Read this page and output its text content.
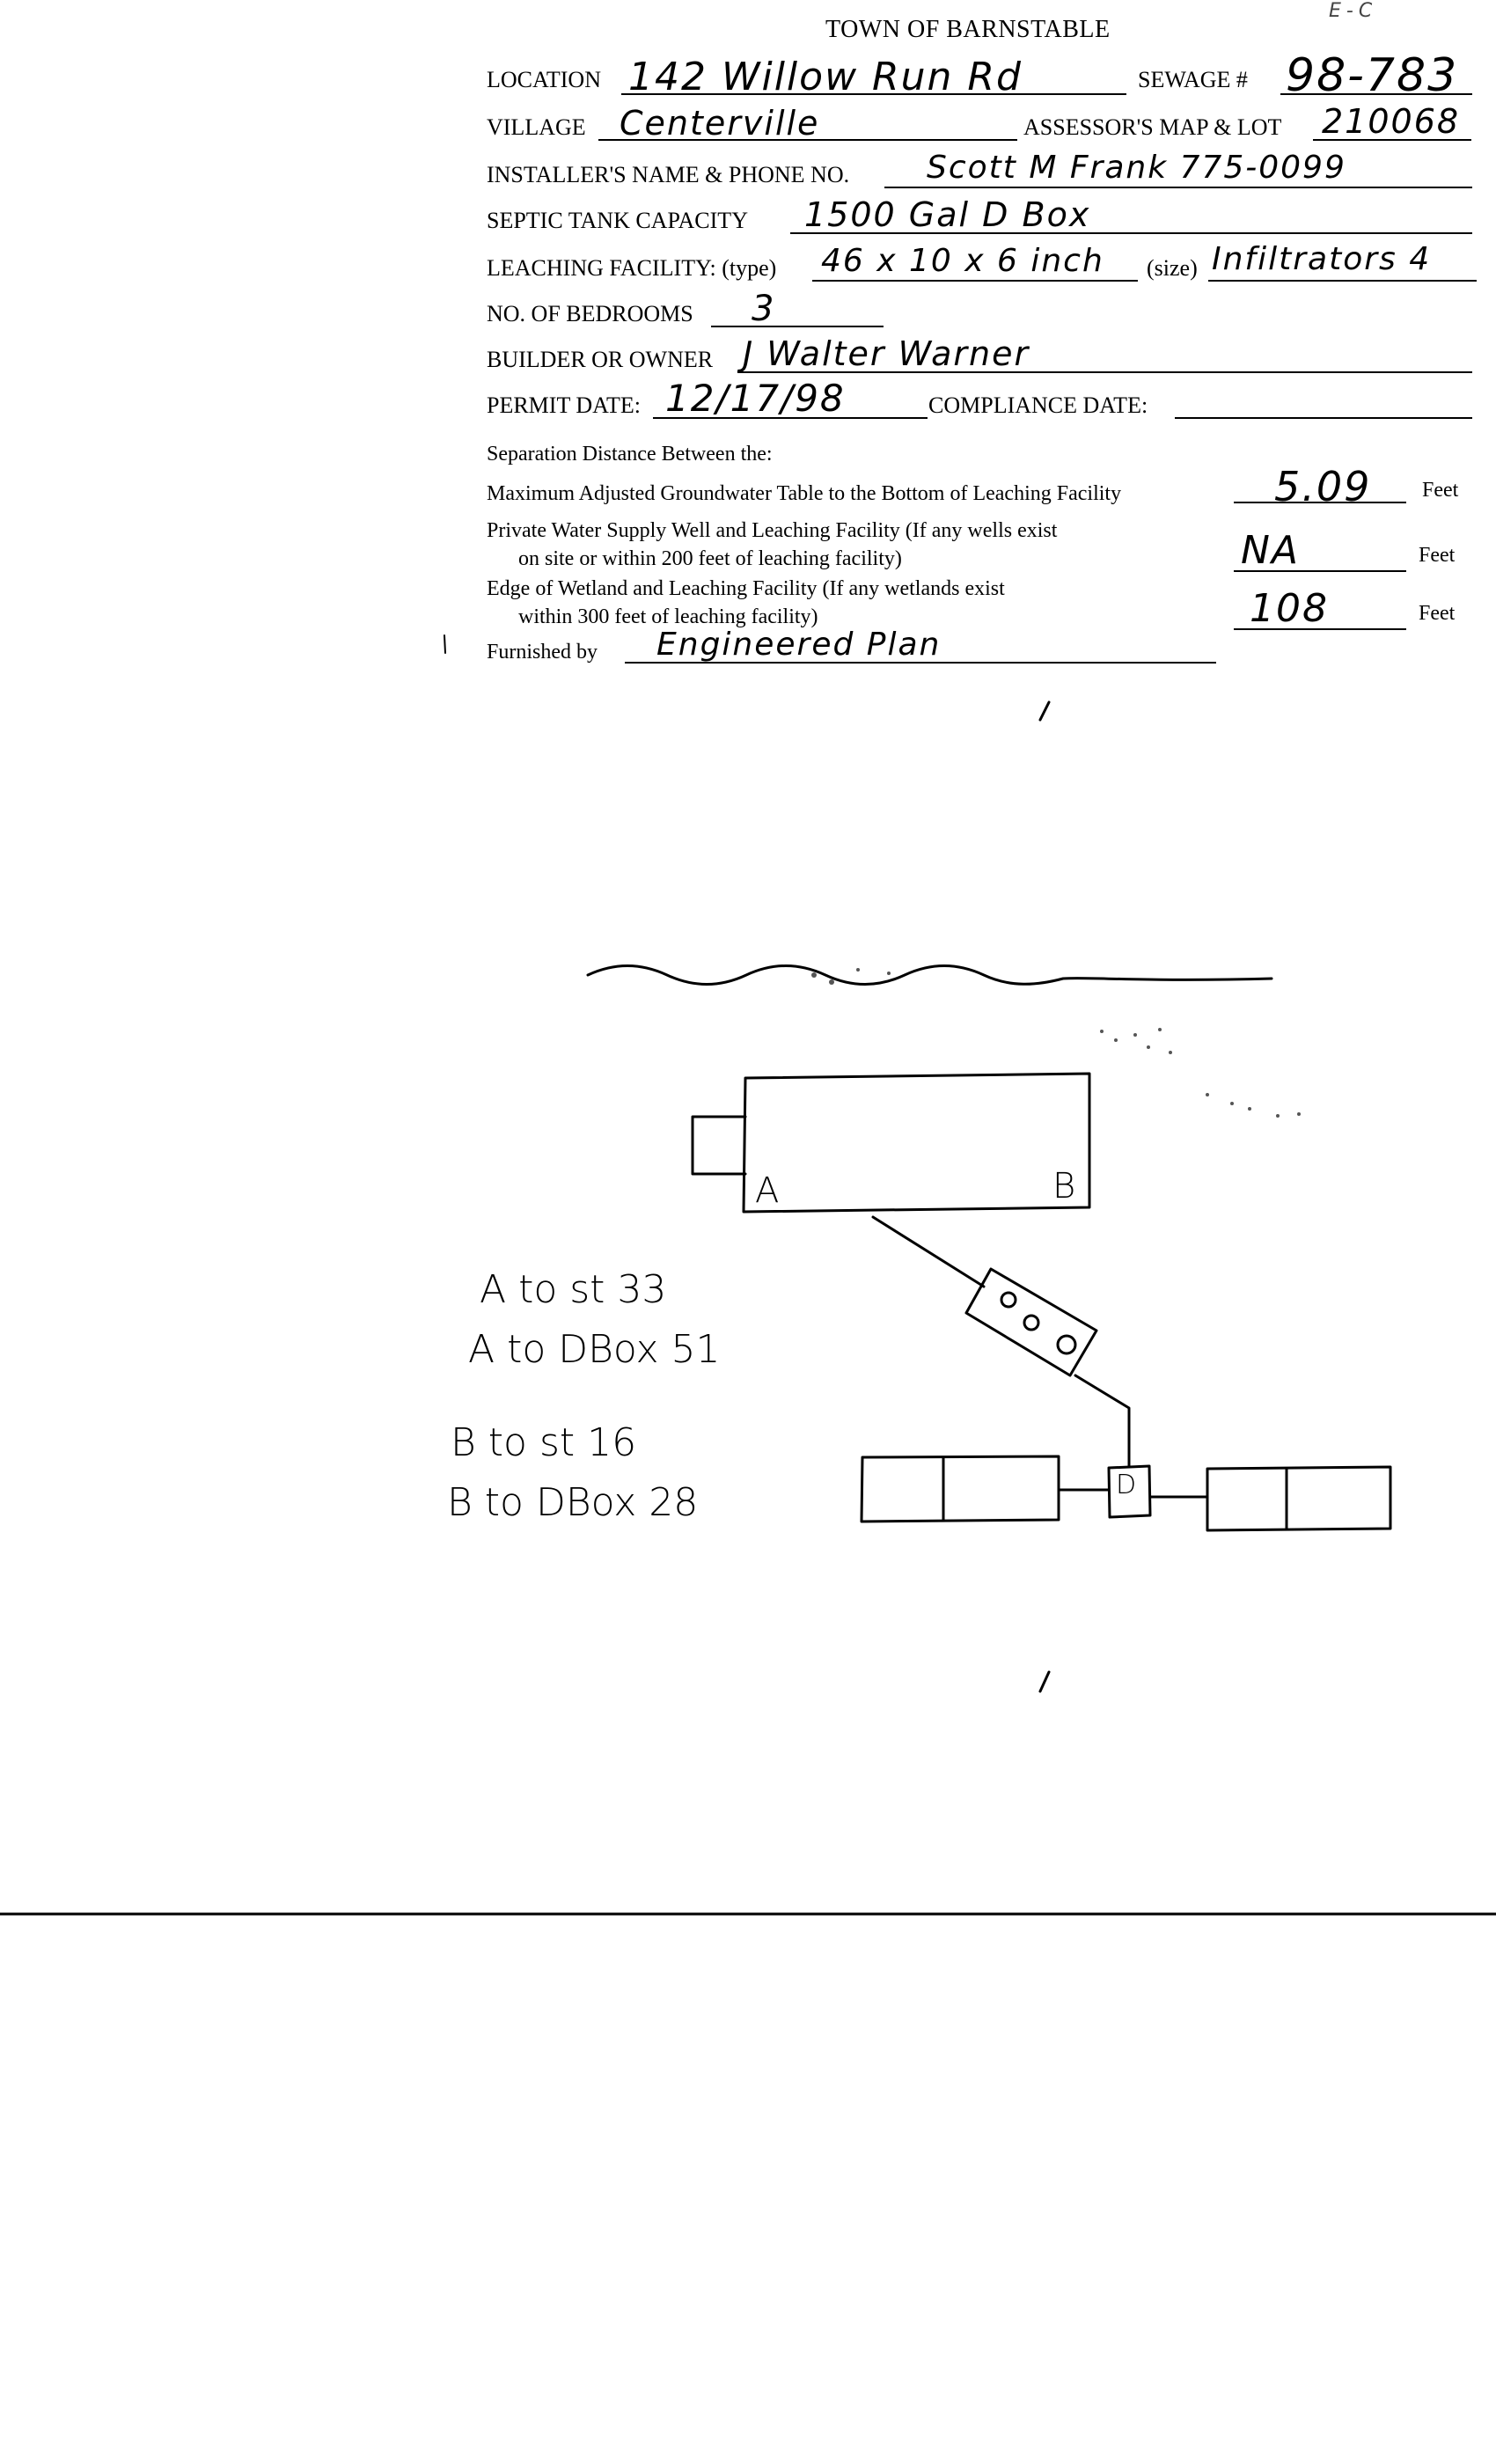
TOWN OF BARNSTABLE
E-C
LOCATION 142 Willow Run Rd	SEWAGE # 98-783
VILLAGE	Centerville	ASSESSOR'S MAP & LOT 210068
INSTALLER'S NAME & PHONE NO.	Scott M Frank 775-0099
SEPTIC TANK CAPACITY	1500 Gal D Box
LEACHING FACILITY: (type) 46 x 10 x 6 inch	(size) Infiltrators 4
NO. OF BEDROOMS	3
BUILDER OR OWNER J Walter Warner
PERMIT DATE: 12/17/98	COMPLIANCE DATE:
Separation Distance Between the:
Maximum Adjusted Groundwater Table to the Bottom of Leaching Facility	5.09	Feet
Private Water Supply Well and Leaching Facility (If any wells exist
on site or within 200 feet of leaching facility)	NA	Feet
Edge of Wetland and Leaching Facility (If any wetlands exist
within 300 feet of leaching facility)	108	Feet
Furnished by	Engineered Plan
A	B
D
A to st 33
A to DBox 51
B to st 16
B to DBox 28
